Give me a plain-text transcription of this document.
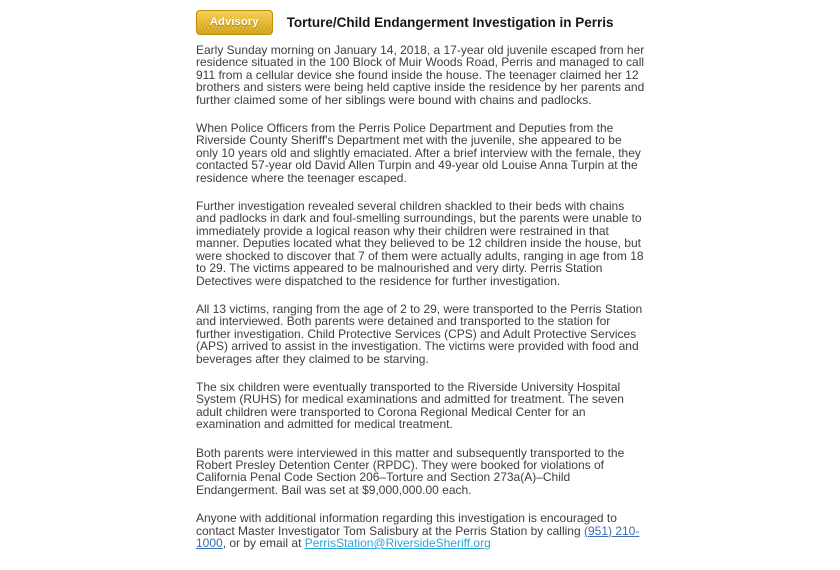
Advisory	Torture/Child Endangerment Investigation in Perris

Early Sunday morning on January 14, 2018, a 17-year old juvenile escaped from her residence situated in the 100 Block of Muir Woods Road, Perris and managed to call 911 from a cellular device she found inside the house. The teenager claimed her 12 brothers and sisters were being held captive inside the residence by her parents and further claimed some of her siblings were bound with chains and padlocks.

When Police Officers from the Perris Police Department and Deputies from the Riverside County Sheriff's Department met with the juvenile, she appeared to be only 10 years old and slightly emaciated. After a brief interview with the female, they contacted 57-year old David Allen Turpin and 49-year old Louise Anna Turpin at the residence where the teenager escaped.

Further investigation revealed several children shackled to their beds with chains and padlocks in dark and foul-smelling surroundings, but the parents were unable to immediately provide a logical reason why their children were restrained in that manner. Deputies located what they believed to be 12 children inside the house, but were shocked to discover that 7 of them were actually adults, ranging in age from 18 to 29. The victims appeared to be malnourished and very dirty. Perris Station Detectives were dispatched to the residence for further investigation.

All 13 victims, ranging from the age of 2 to 29, were transported to the Perris Station and interviewed. Both parents were detained and transported to the station for further investigation. Child Protective Services (CPS) and Adult Protective Services (APS) arrived to assist in the investigation. The victims were provided with food and beverages after they claimed to be starving.

The six children were eventually transported to the Riverside University Hospital System (RUHS) for medical examinations and admitted for treatment. The seven adult children were transported to Corona Regional Medical Center for an examination and admitted for medical treatment.

Both parents were interviewed in this matter and subsequently transported to the Robert Presley Detention Center (RPDC). They were booked for violations of California Penal Code Section 206–Torture and Section 273a(A)–Child Endangerment. Bail was set at $9,000,000.00 each.

Anyone with additional information regarding this investigation is encouraged to contact Master Investigator Tom Salisbury at the Perris Station by calling (951) 210-1000, or by email at PerrisStation@RiversideSheriff.org
